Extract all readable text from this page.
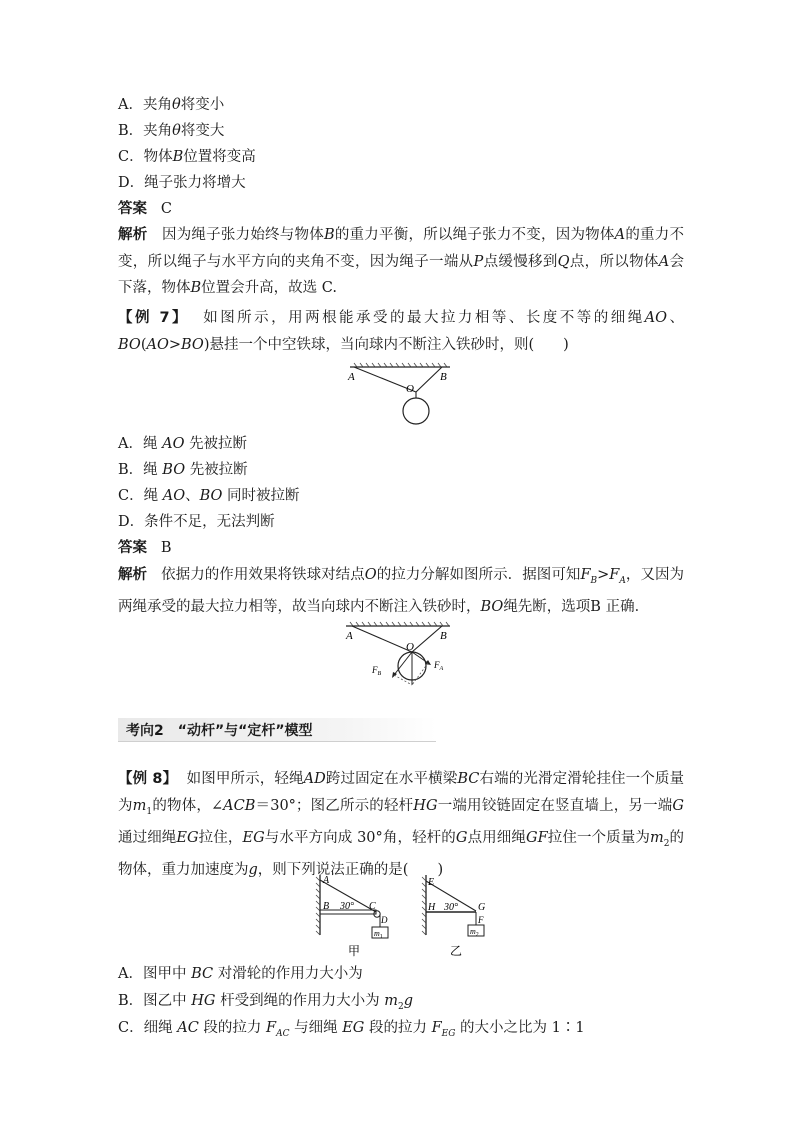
A．夹角θ将变小
B．夹角θ将变大
C．物体B位置将变高
D．绳子张力将增大
答案 C
解析 因为绳子张力始终与物体B的重力平衡，所以绳子张力不变，因为物体A的重力不变，所以绳子与水平方向的夹角不变，因为绳子一端从P点缓慢移到Q点，所以物体A会下落，物体B位置会升高，故选 C.
【例 7】 如图所示，用两根能承受的最大拉力相等、长度不等的细绳AO、BO(AO>BO)悬挂一个中空铁球，当向球内不断注入铁砂时，则(　　)
A
O
B
A．绳 AO 先被拉断
B．绳 BO 先被拉断
C．绳 AO、BO 同时被拉断
D．条件不足，无法判断
答案 B
解析 依据力的作用效果将铁球对结点O的拉力分解如图所示．据图可知$F_B>F_A$，又因为两绳承受的最大拉力相等，故当向球内不断注入铁砂时，BO绳先断，选项B 正确．
A
O
B
$F_B$
$F_A$
考向2　“动杆”与“定杆”模型
【例 8】 如图甲所示，轻绳AD跨过固定在水平横梁BC右端的光滑定滑轮挂住一个质量为$m_1$的物体，∠ACB＝30°；图乙所示的轻杆HG一端用铰链固定在竖直墙上，另一端G通过细绳EG拉住，EG与水平方向成 30°角，轻杆的G点用细绳GF拉住一个质量为$m_2$的物体，重力加速度为g，则下列说法正确的是(　　)
A
B 30° C
D
$m_1$
甲
E
H 30° G
F
$m_2$
乙
A．图甲中 BC 对滑轮的作用力大小为
B．图乙中 HG 杆受到绳的作用力大小为 $m_2g$
C．细绳 AC 段的拉力 $F_{AC}$ 与细绳 EG 段的拉力 $F_{EG}$ 的大小之比为 1∶1
